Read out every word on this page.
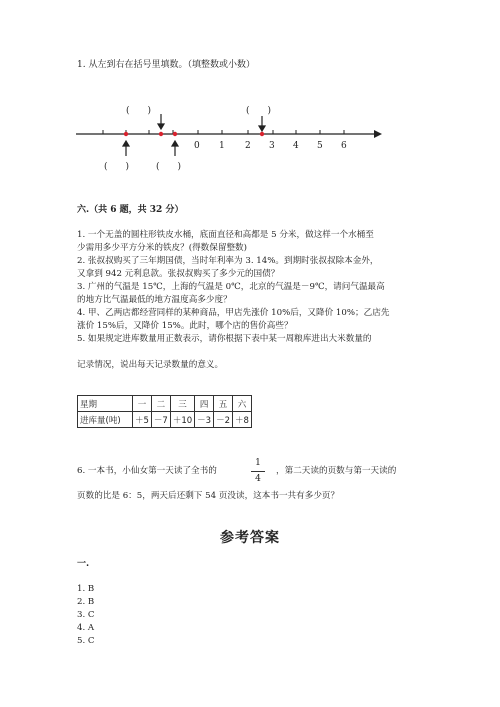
1. 从左到右在括号里填数。（填整数或小数）
(　　)	(　　)
(　　)	(　　)
0 1 2 3 4 5 6
六.（共 6 题，共 32 分）
1. 一个无盖的圆柱形铁皮水桶，底面直径和高都是 5 分米，做这样一个水桶至
少需用多少平方分米的铁皮？(得数保留整数)
2. 张叔叔购买了三年期国债，当时年利率为 3. 14%。到期时张叔叔除本金外，
又拿到 942 元利息款。张叔叔购买了多少元的国债？
3. 广州的气温是 15℃，上海的气温是 0℃，北京的气温是－9℃，请问气温最高
的地方比气温最低的地方温度高多少度？
4. 甲、乙两店都经营同样的某种商品，甲店先涨价 10%后，又降价 10%；乙店先
涨价 15%后，又降价 15%。此时，哪个店的售价高些？
5. 如果规定进库数量用正数表示，请你根据下表中某一周粮库进出大米数量的
记录情况，说出每天记录数量的意义。
星期	一	二	三	四	五	六
进库量(吨)	＋5	－7	＋10	－3	－2	＋8
6. 一本书，小仙女第一天读了全书的
1
4
，第二天读的页数与第一天读的
页数的比是 6：5，两天后还剩下 54 页没读，这本书一共有多少页？
参考答案
一.
1. B
2. B
3. C
4. A
5. C
